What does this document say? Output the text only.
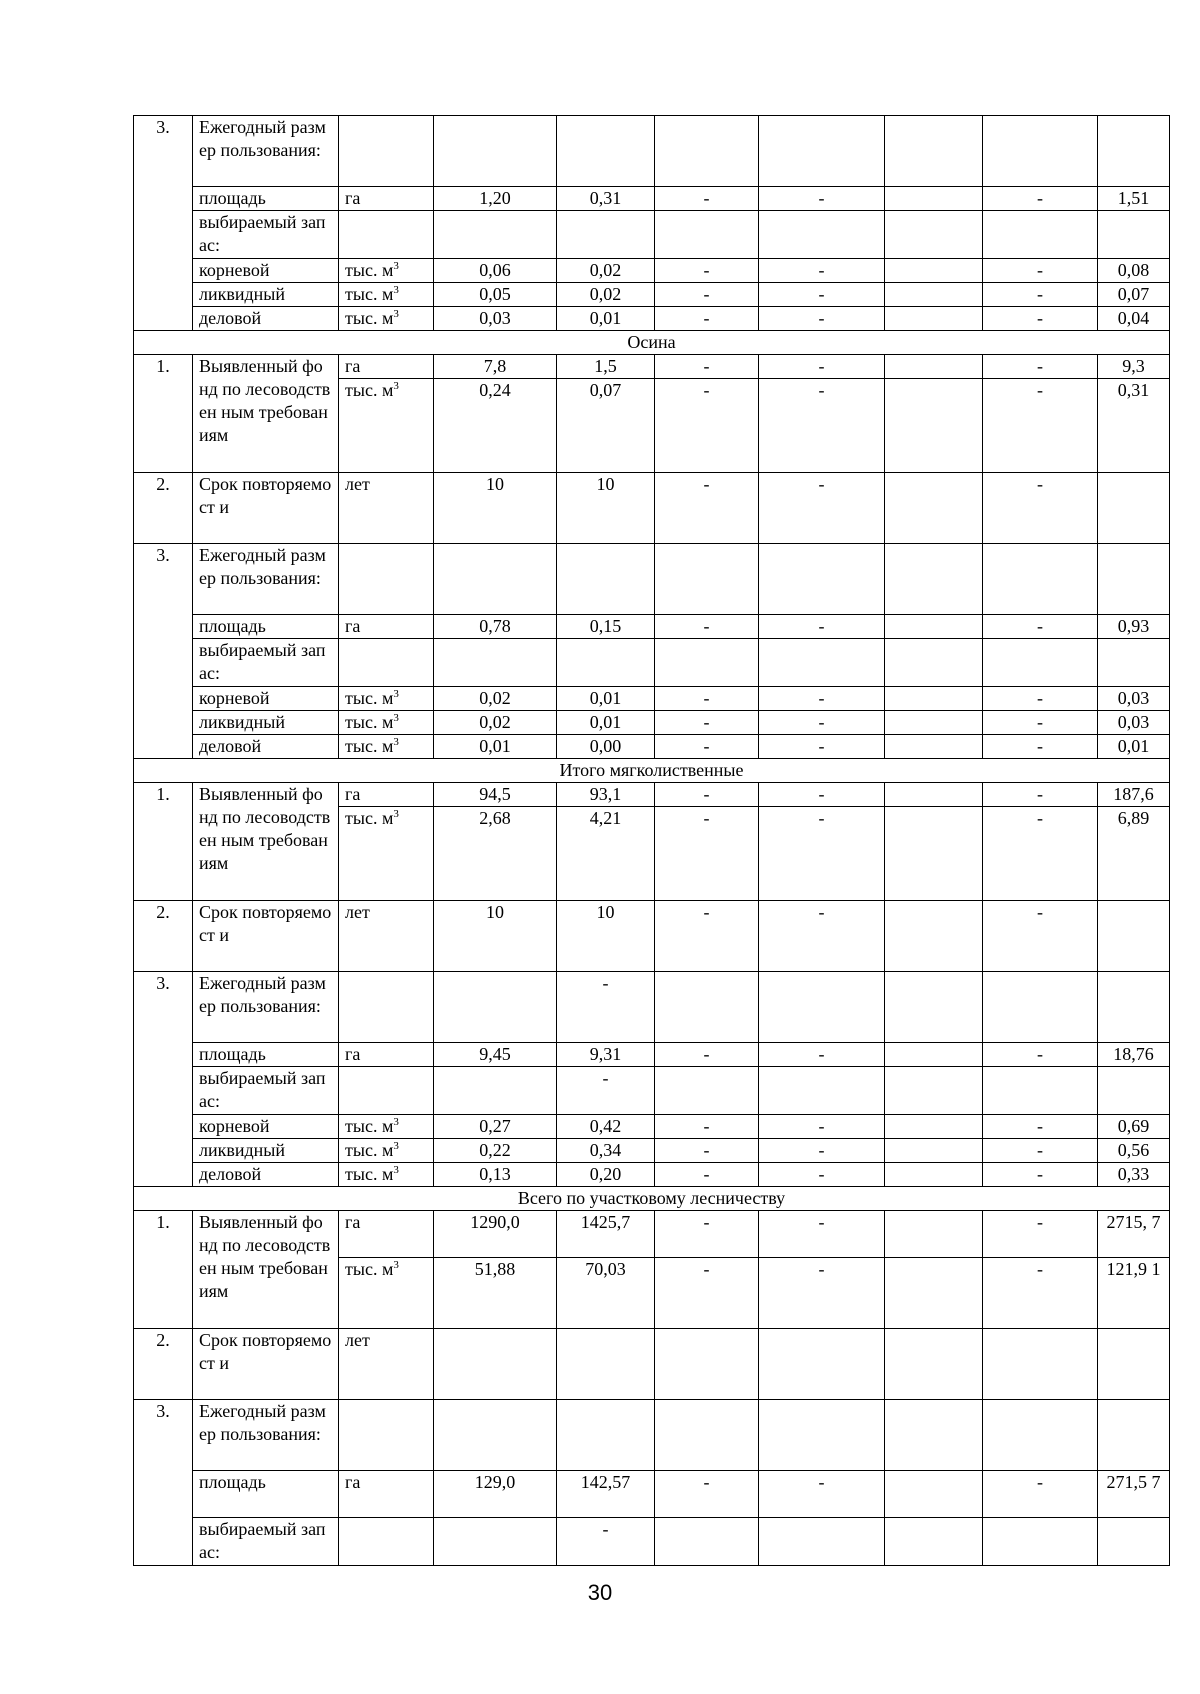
3.	Ежегодный размер пользования:								
	площадь	га	1,20	0,31	-	-		-	1,51
	выбираемый запас:								
	корневой	тыс. $м^3$	0,06	0,02	-	-		-	0,08
	ликвидный	тыс. $м^3$	0,05	0,02	-	-		-	0,07
	деловой	тыс. $м^3$	0,03	0,01	-	-		-	0,04
Осина									
1.	Выявленный фонд по лесоводствен ным требованиям	га	7,8	1,5	-	-		-	9,3
		тыс. $м^3$	0,24	0,07	-	-		-	0,31
2.	Срок повторяемост и	лет	10	10	-	-		-	
3.	Ежегодный размер пользования:								
	площадь	га	0,78	0,15	-	-		-	0,93
	выбираемый запас:								
	корневой	тыс. $м^3$	0,02	0,01	-	-		-	0,03
	ликвидный	тыс. $м^3$	0,02	0,01	-	-		-	0,03
	деловой	тыс. $м^3$	0,01	0,00	-	-		-	0,01
Итого мягколиственные									
1.	Выявленный фонд по лесоводствен ным требованиям	га	94,5	93,1	-	-		-	187,6
		тыс. $м^3$	2,68	4,21	-	-		-	6,89
2.	Срок повторяемост и	лет	10	10	-	-		-	
3.	Ежегодный размер пользования:			-					
	площадь	га	9,45	9,31	-	-		-	18,76
	выбираемый запас:			-					
	корневой	тыс. $м^3$	0,27	0,42	-	-		-	0,69
	ликвидный	тыс. $м^3$	0,22	0,34	-	-		-	0,56
	деловой	тыс. $м^3$	0,13	0,20	-	-		-	0,33
Всего по участковому лесничеству									
1.	Выявленный фонд по лесоводствен ным требованиям	га	1290,0	1425,7	-	-		-	2715, 7
		тыс. $м^3$	51,88	70,03	-	-		-	121,9 1
2.	Срок повторяемост и	лет							
3.	Ежегодный размер пользования:								
	площадь	га	129,0	142,57	-	-		-	271,5 7
	выбираемый запас:			-					
30
